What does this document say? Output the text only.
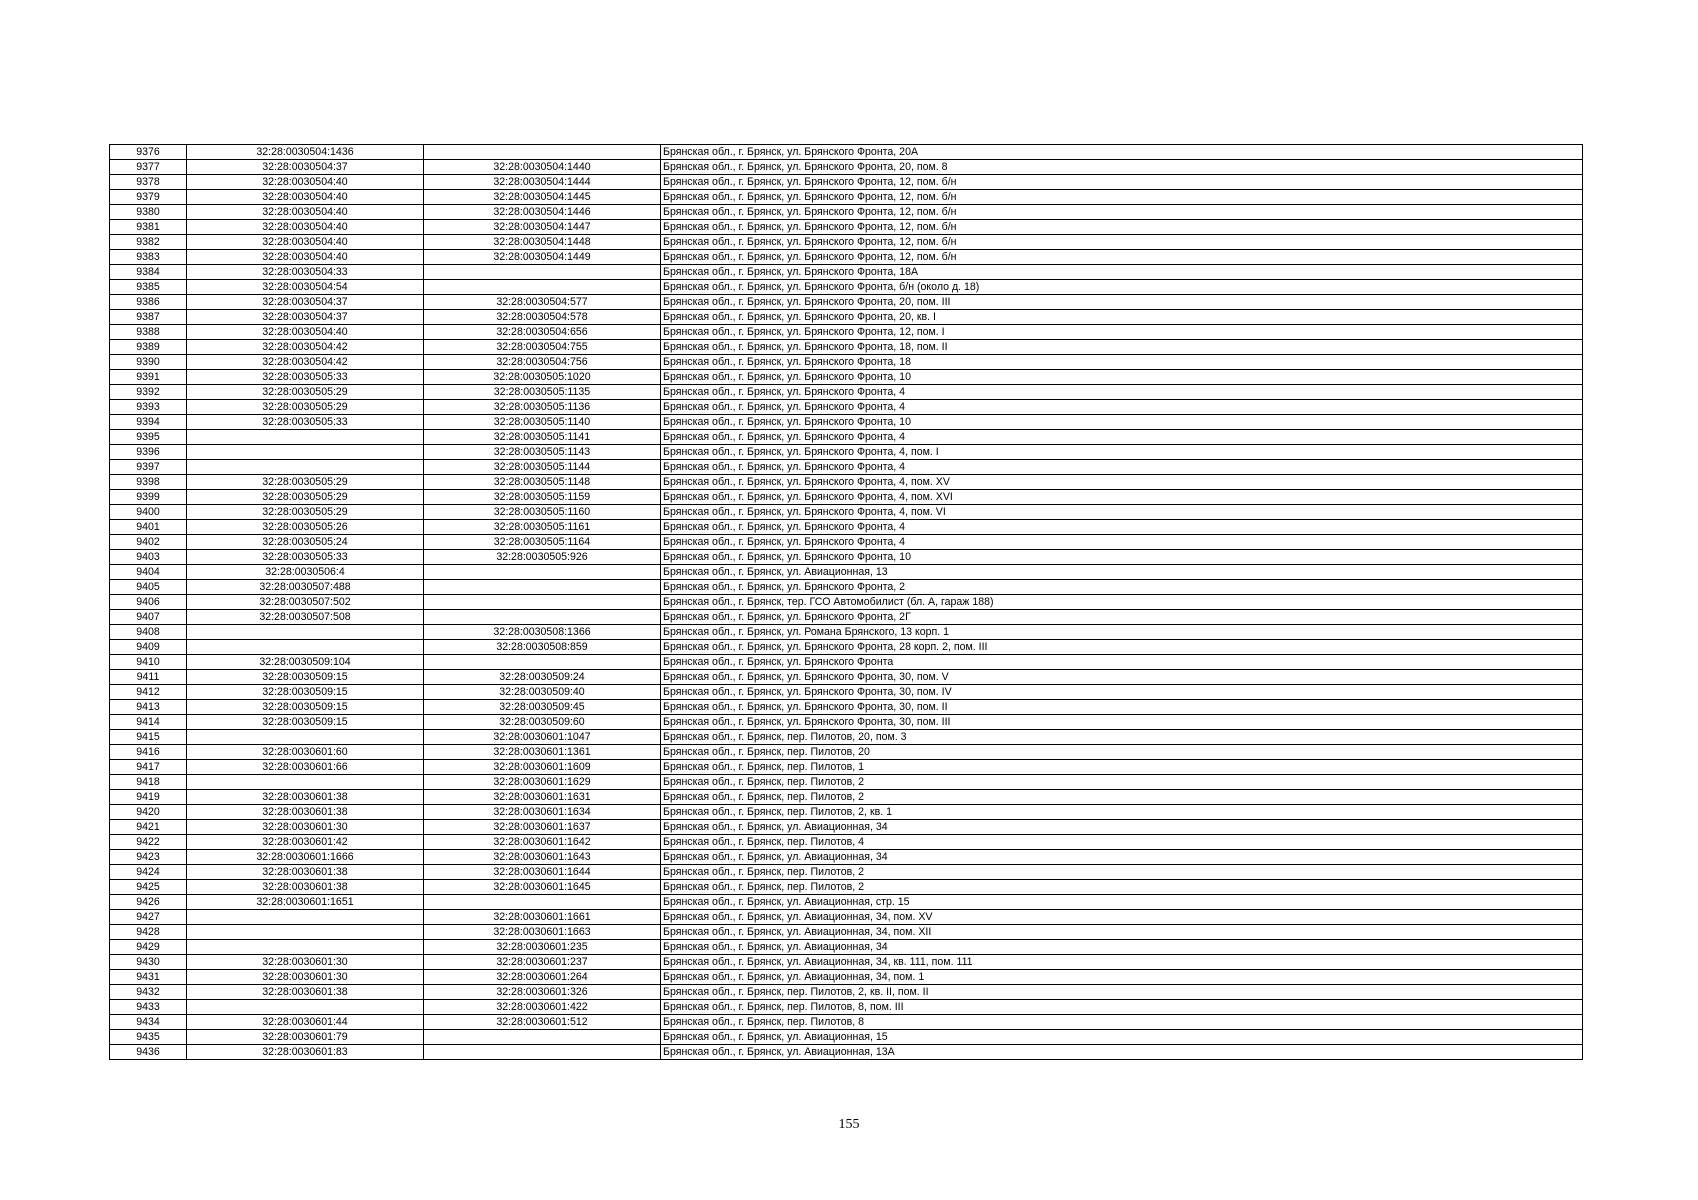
9376	32:28:0030504:1436		Брянская обл., г. Брянск, ул. Брянского Фронта, 20А
9377	32:28:0030504:37	32:28:0030504:1440	Брянская обл., г. Брянск, ул. Брянского Фронта, 20, пом. 8
9378	32:28:0030504:40	32:28:0030504:1444	Брянская обл., г. Брянск, ул. Брянского Фронта, 12, пом. б/н
9379	32:28:0030504:40	32:28:0030504:1445	Брянская обл., г. Брянск, ул. Брянского Фронта, 12, пом. б/н
9380	32:28:0030504:40	32:28:0030504:1446	Брянская обл., г. Брянск, ул. Брянского Фронта, 12, пом. б/н
9381	32:28:0030504:40	32:28:0030504:1447	Брянская обл., г. Брянск, ул. Брянского Фронта, 12, пом. б/н
9382	32:28:0030504:40	32:28:0030504:1448	Брянская обл., г. Брянск, ул. Брянского Фронта, 12, пом. б/н
9383	32:28:0030504:40	32:28:0030504:1449	Брянская обл., г. Брянск, ул. Брянского Фронта, 12, пом. б/н
9384	32:28:0030504:33		Брянская обл., г. Брянск, ул. Брянского Фронта, 18А
9385	32:28:0030504:54		Брянская обл., г. Брянск, ул. Брянского Фронта, б/н (около д. 18)
9386	32:28:0030504:37	32:28:0030504:577	Брянская обл., г. Брянск, ул. Брянского Фронта, 20, пом. III
9387	32:28:0030504:37	32:28:0030504:578	Брянская обл., г. Брянск, ул. Брянского Фронта, 20, кв. I
9388	32:28:0030504:40	32:28:0030504:656	Брянская обл., г. Брянск, ул. Брянского Фронта, 12, пом. I
9389	32:28:0030504:42	32:28:0030504:755	Брянская обл., г. Брянск, ул. Брянского Фронта, 18, пом. II
9390	32:28:0030504:42	32:28:0030504:756	Брянская обл., г. Брянск, ул. Брянского Фронта, 18
9391	32:28:0030505:33	32:28:0030505:1020	Брянская обл., г. Брянск, ул. Брянского Фронта, 10
9392	32:28:0030505:29	32:28:0030505:1135	Брянская обл., г. Брянск, ул. Брянского Фронта, 4
9393	32:28:0030505:29	32:28:0030505:1136	Брянская обл., г. Брянск, ул. Брянского Фронта, 4
9394	32:28:0030505:33	32:28:0030505:1140	Брянская обл., г. Брянск, ул. Брянского Фронта, 10
9395		32:28:0030505:1141	Брянская обл., г. Брянск, ул. Брянского Фронта, 4
9396		32:28:0030505:1143	Брянская обл., г. Брянск, ул. Брянского Фронта, 4, пом. I
9397		32:28:0030505:1144	Брянская обл., г. Брянск, ул. Брянского Фронта, 4
9398	32:28:0030505:29	32:28:0030505:1148	Брянская обл., г. Брянск, ул. Брянского Фронта, 4, пом. XV
9399	32:28:0030505:29	32:28:0030505:1159	Брянская обл., г. Брянск, ул. Брянского Фронта, 4, пом. XVI
9400	32:28:0030505:29	32:28:0030505:1160	Брянская обл., г. Брянск, ул. Брянского Фронта, 4, пом. VI
9401	32:28:0030505:26	32:28:0030505:1161	Брянская обл., г. Брянск, ул. Брянского Фронта, 4
9402	32:28:0030505:24	32:28:0030505:1164	Брянская обл., г. Брянск, ул. Брянского Фронта, 4
9403	32:28:0030505:33	32:28:0030505:926	Брянская обл., г. Брянск, ул. Брянского Фронта, 10
9404	32:28:0030506:4		Брянская обл., г. Брянск, ул. Авиационная, 13
9405	32:28:0030507:488		Брянская обл., г. Брянск, ул. Брянского Фронта, 2
9406	32:28:0030507:502		Брянская обл., г. Брянск, тер. ГСО Автомобилист (бл. А, гараж 188)
9407	32:28:0030507:508		Брянская обл., г. Брянск, ул. Брянского Фронта, 2Г
9408		32:28:0030508:1366	Брянская обл., г. Брянск, ул. Романа Брянского, 13 корп. 1
9409		32:28:0030508:859	Брянская обл., г. Брянск, ул. Брянского Фронта, 28 корп. 2, пом. III
9410	32:28:0030509:104		Брянская обл., г. Брянск, ул. Брянского Фронта
9411	32:28:0030509:15	32:28:0030509:24	Брянская обл., г. Брянск, ул. Брянского Фронта, 30, пом. V
9412	32:28:0030509:15	32:28:0030509:40	Брянская обл., г. Брянск, ул. Брянского Фронта, 30, пом. IV
9413	32:28:0030509:15	32:28:0030509:45	Брянская обл., г. Брянск, ул. Брянского Фронта, 30, пом. II
9414	32:28:0030509:15	32:28:0030509:60	Брянская обл., г. Брянск, ул. Брянского Фронта, 30, пом. III
9415		32:28:0030601:1047	Брянская обл., г. Брянск, пер. Пилотов, 20, пом. 3
9416	32:28:0030601:60	32:28:0030601:1361	Брянская обл., г. Брянск, пер. Пилотов, 20
9417	32:28:0030601:66	32:28:0030601:1609	Брянская обл., г. Брянск, пер. Пилотов, 1
9418		32:28:0030601:1629	Брянская обл., г. Брянск, пер. Пилотов, 2
9419	32:28:0030601:38	32:28:0030601:1631	Брянская обл., г. Брянск, пер. Пилотов, 2
9420	32:28:0030601:38	32:28:0030601:1634	Брянская обл., г. Брянск, пер. Пилотов, 2, кв. 1
9421	32:28:0030601:30	32:28:0030601:1637	Брянская обл., г. Брянск, ул. Авиационная, 34
9422	32:28:0030601:42	32:28:0030601:1642	Брянская обл., г. Брянск, пер. Пилотов, 4
9423	32:28:0030601:1666	32:28:0030601:1643	Брянская обл., г. Брянск, ул. Авиационная, 34
9424	32:28:0030601:38	32:28:0030601:1644	Брянская обл., г. Брянск, пер. Пилотов, 2
9425	32:28:0030601:38	32:28:0030601:1645	Брянская обл., г. Брянск, пер. Пилотов, 2
9426	32:28:0030601:1651		Брянская обл., г. Брянск, ул. Авиационная, стр. 15
9427		32:28:0030601:1661	Брянская обл., г. Брянск, ул. Авиационная, 34, пом. XV
9428		32:28:0030601:1663	Брянская обл., г. Брянск, ул. Авиационная, 34, пом. XII
9429		32:28:0030601:235	Брянская обл., г. Брянск, ул. Авиационная, 34
9430	32:28:0030601:30	32:28:0030601:237	Брянская обл., г. Брянск, ул. Авиационная, 34, кв. 111, пом. 111
9431	32:28:0030601:30	32:28:0030601:264	Брянская обл., г. Брянск, ул. Авиационная, 34, пом. 1
9432	32:28:0030601:38	32:28:0030601:326	Брянская обл., г. Брянск, пер. Пилотов, 2, кв. II, пом. II
9433		32:28:0030601:422	Брянская обл., г. Брянск, пер. Пилотов, 8, пом. III
9434	32:28:0030601:44	32:28:0030601:512	Брянская обл., г. Брянск, пер. Пилотов, 8
9435	32:28:0030601:79		Брянская обл., г. Брянск, ул. Авиационная, 15
9436	32:28:0030601:83		Брянская обл., г. Брянск, ул. Авиационная, 13А
155
